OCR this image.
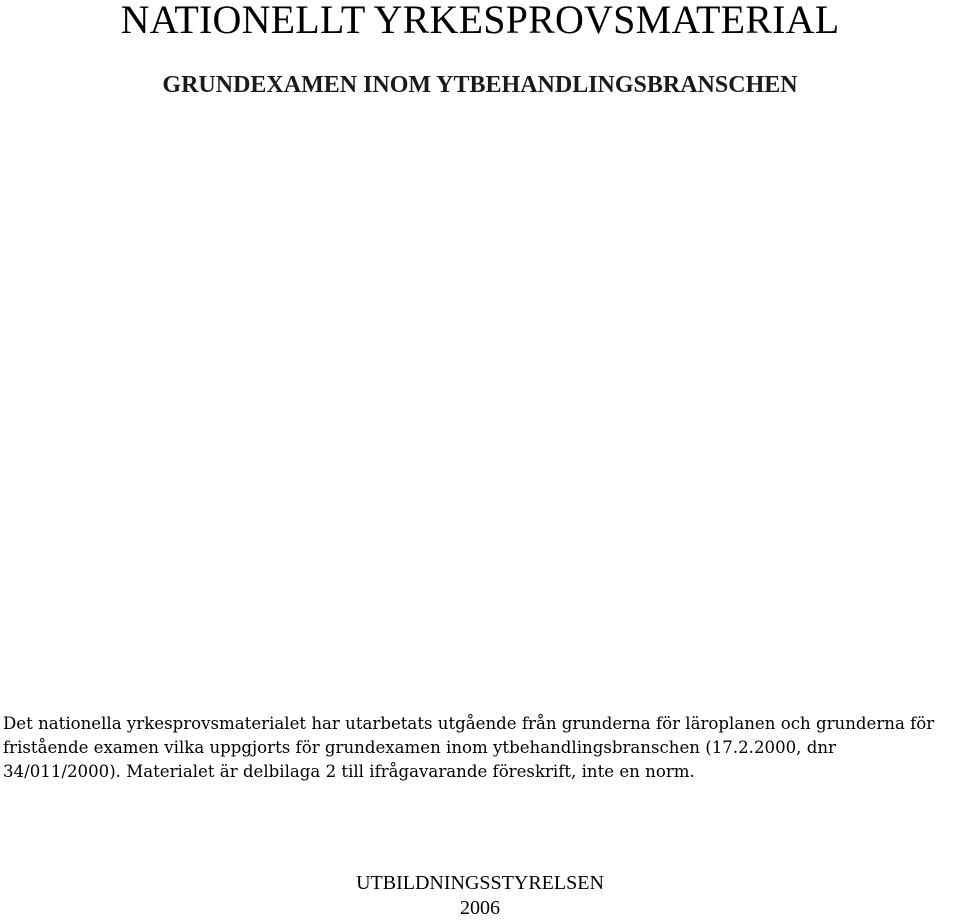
NATIONELLT YRKESPROVSMATERIAL
GRUNDEXAMEN INOM YTBEHANDLINGSBRANSCHEN

Det nationella yrkesprovsmaterialet har utarbetats utgående från grunderna för läroplanen och grunderna för
fristående examen vilka uppgjorts för grundexamen inom ytbehandlingsbranschen (17.2.2000, dnr
34/011/2000). Materialet är delbilaga 2 till ifrågavarande föreskrift, inte en norm.

UTBILDNINGSSTYRELSEN
2006
